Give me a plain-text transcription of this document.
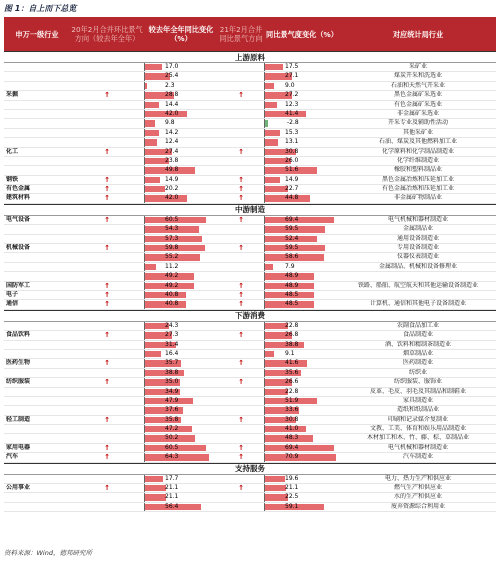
图 1：自上而下总览
申万一级行业	20年2月合并环比景气方向（较去年全年）
较去年全年同比变化（%）
21年2月合并同比景气方向 同比景气度变化（%）	对应统计局行业
上游原料
17.0	17.5	采矿业
25.4	27.1	煤炭开采和洗选业
2.3	9.0	石油和天然气开采业
采掘	↑	28.8	↑	27.2	黑色金属矿采选业
14.4	12.3	有色金属矿采选业
42.0	41.4	非金属矿采选业
9.8	-2.8	开采专业及辅助性活动
14.2	15.3	其他采矿业
12.4	13.1	石油、煤炭及其他燃料加工业
化工	↑	27.4	↑	30.8	化学原料和化学制品制造业
23.8	26.0	化学纤维制造业
49.8	51.6	橡胶和塑料制品业
钢铁	↑	14.9	↑	14.9	黑色金属冶炼和压延加工业
有色金属	↑	20.2	↑	22.7	有色金属冶炼和压延加工业
建筑材料	↑	42.0	↑	44.8	非金属矿物制品业
中游制造
电气设备	↑	60.5	↑	69.4	电气机械和器材制造业
54.3	59.5	金属制品业
57.3	52.4	通用设备制造业
机械设备	↑	59.8	↑	59.5	专用设备制造业
55.2	58.6	仪器仪表制造业
11.2	7.9	金属制品、机械和设备修理业
49.2	48.9
国防军工	↑	49.2	↑	48.9	铁路、船舶、航空航天和其他运输设备制造业
电子	↑	40.8	↑	48.5
通信	↑	40.8	↑	48.5	计算机、通信和其他电子设备制造业
下游消费
24.3	22.8	农副食品加工业
食品饮料	↑	27.3	↑	26.8	食品制造业
31.4	38.8	酒、饮料和精制茶制造业
16.4	9.1	烟草制品业
医药生物	↑	35.7	↑	41.6	医药制造业
38.8	35.6	纺织业
纺织服装	↑	35.0	↑	26.6	纺织服装、服饰业
34.9	22.8	皮革、毛皮、羽毛及其制品和制鞋业
47.9	51.9	家具制造业
37.6	33.6	造纸和纸制品业
轻工制造	↑	35.8	↑	30.8	印刷和记录媒介复制业
47.2	41.0	文教、工美、体育和娱乐用品制造业
50.2	48.3	木材加工和木、竹、藤、棕、草制品业
家用电器	↑	60.5	↑	69.4	电气机械和器材制造业
汽车	↑	64.3	↑	70.9	汽车制造业
支持服务
17.7	19.6	电力、热力生产和供应业
公用事业	↑	21.1	↑	21.1	燃气生产和供应业
21.1	22.5	水的生产和供应业
56.4	59.1	废弃资源综合利用业
资料来源：Wind，德邦研究所
